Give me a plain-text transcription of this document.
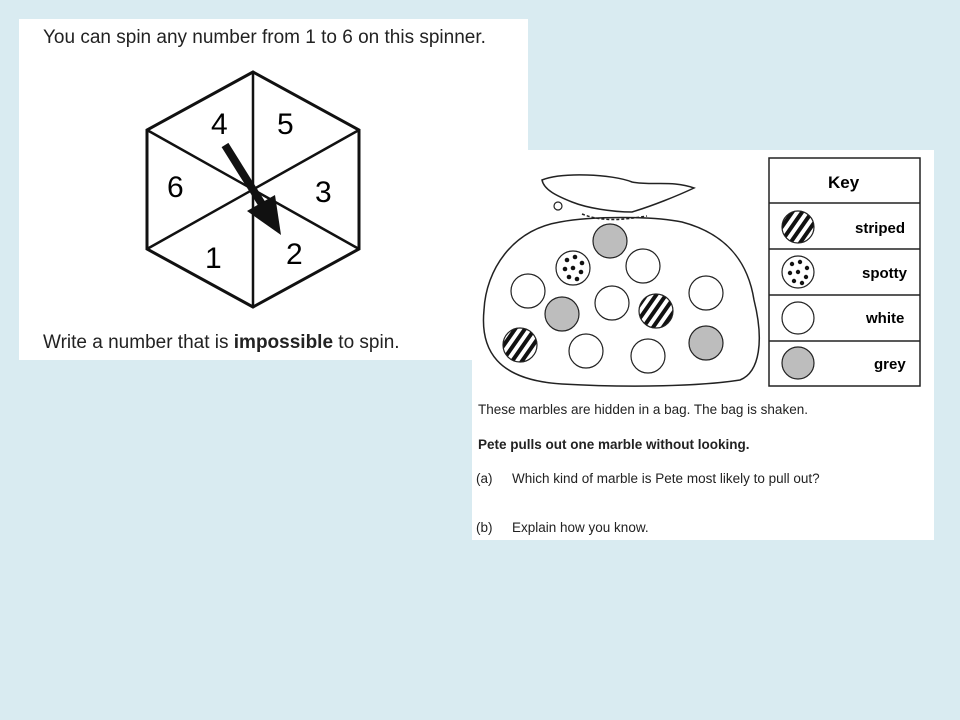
You can spin any number from 1 to 6 on this spinner.
4 5
3
2
1
6
Write a number that is impossible to spin.
Key
striped
spotty
white
grey
These marbles are hidden in a bag. The bag is shaken.
Pete pulls out one marble without looking.
(a) Which kind of marble is Pete most likely to pull out?
(b) Explain how you know.
